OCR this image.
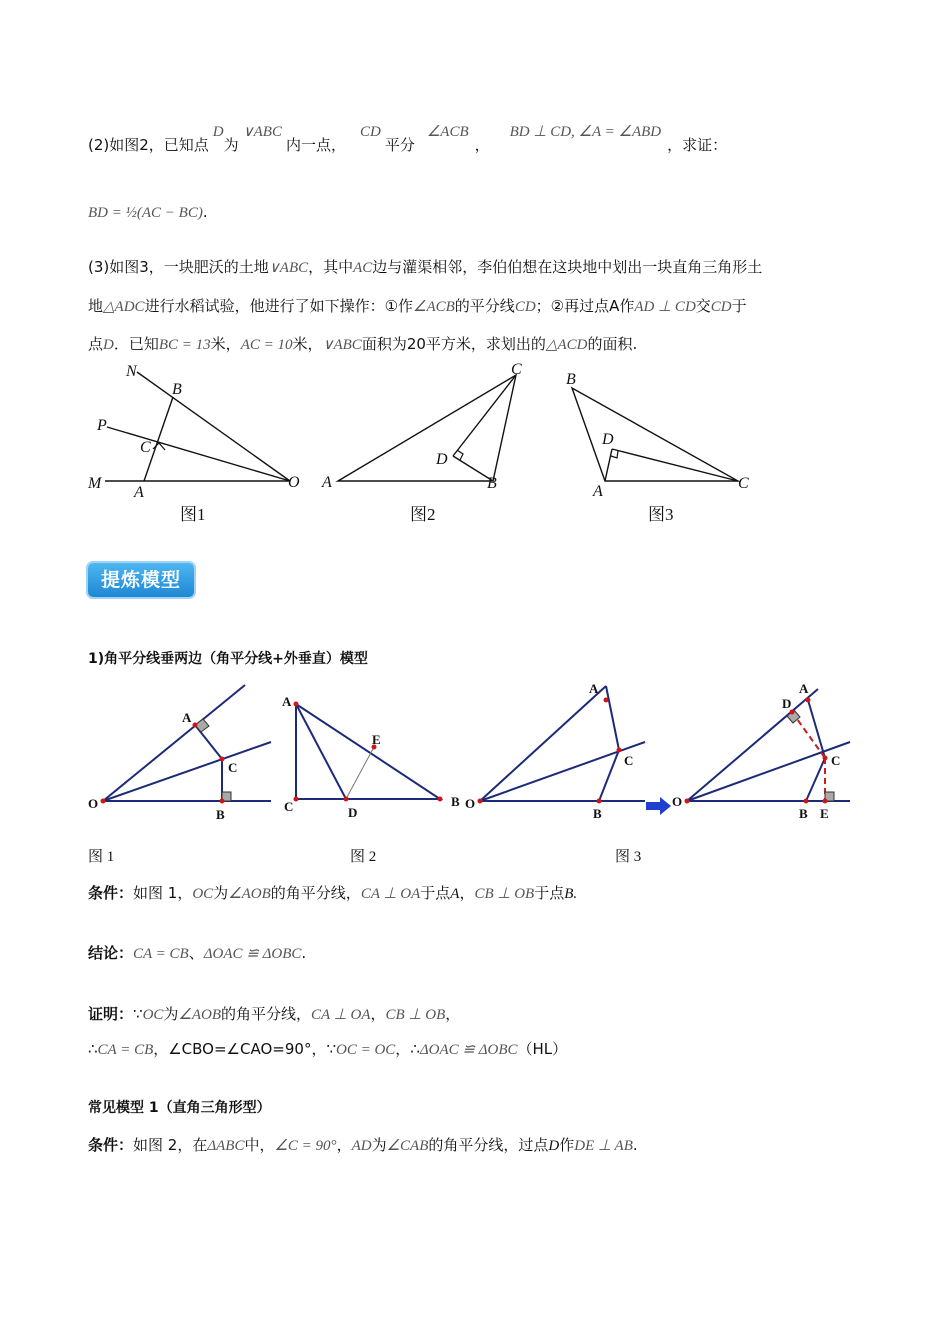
(2)如图2，已知点D为∨ABC内一点，CD平分∠ACB，BD ⊥ CD, ∠A = ∠ABD，求证：
BD = ½(AC − BC).
(3)如图3，一块肥沃的土地∨ABC，其中AC边与灌渠相邻，李伯伯想在这块地中划出一块直角三角形土
地△ADC进行水稻试验，他进行了如下操作：①作∠ACB的平分线CD；②再过点A作AD ⊥ CD交CD于
点D．已知BC = 13米，AC = 10米，∨ABC面积为20平方米，求划出的△ACD的面积.
N
B
P
C
M
A
O
图1
C
D
A	B
图2
B
D
A	C
图3
提炼模型
1)角平分线垂两边（角平分线+外垂直）模型
A
C
O
B
A
E
C	D
B
A
C
O
B
A
D
C
O
B E
图 1	图 2	图 3
条件：如图 1，OC为∠AOB的角平分线，CA ⊥ OA于点A，CB ⊥ OB于点B.
结论：CA = CB、ΔOAC ≌ ΔOBC.
证明：∵OC为∠AOB的角平分线，CA ⊥ OA，CB ⊥ OB，
∴CA = CB，∠CBO=∠CAO=90°，∵OC = OC，∴ΔOAC ≌ ΔOBC（HL）
常见模型 1（直角三角形型）
条件：如图 2，在ΔABC中，∠C = 90°，AD为∠CAB的角平分线，过点D作DE ⊥ AB.
